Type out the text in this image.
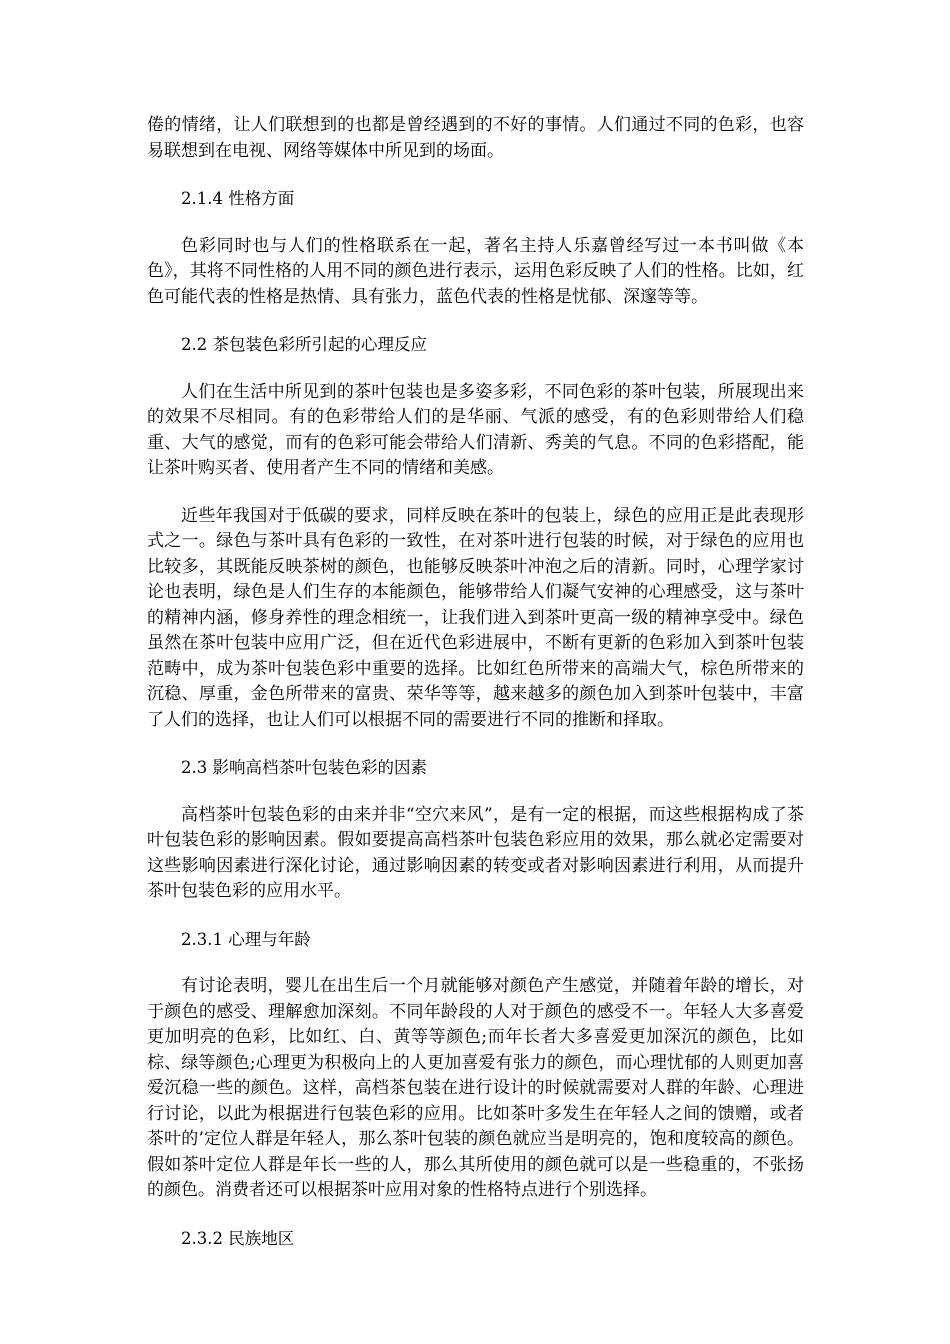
倦的情绪，让人们联想到的也都是曾经遇到的不好的事情。人们通过不同的色彩，也容易联想到在电视、网络等媒体中所见到的场面。

2.1.4 性格方面

色彩同时也与人们的性格联系在一起，著名主持人乐嘉曾经写过一本书叫做《本色》，其将不同性格的人用不同的颜色进行表示，运用色彩反映了人们的性格。比如，红色可能代表的性格是热情、具有张力，蓝色代表的性格是忧郁、深邃等等。

2.2 茶包装色彩所引起的心理反应

人们在生活中所见到的茶叶包装也是多姿多彩，不同色彩的茶叶包装，所展现出来的效果不尽相同。有的色彩带给人们的是华丽、气派的感受，有的色彩则带给人们稳重、大气的感觉，而有的色彩可能会带给人们清新、秀美的气息。不同的色彩搭配，能让茶叶购买者、使用者产生不同的情绪和美感。

近些年我国对于低碳的要求，同样反映在茶叶的包装上，绿色的应用正是此表现形式之一。绿色与茶叶具有色彩的一致性，在对茶叶进行包装的时候，对于绿色的应用也比较多，其既能反映茶树的颜色，也能够反映茶叶冲泡之后的清新。同时，心理学家讨论也表明，绿色是人们生存的本能颜色，能够带给人们凝气安神的心理感受，这与茶叶的精神内涵，修身养性的理念相统一，让我们进入到茶叶更高一级的精神享受中。绿色虽然在茶叶包装中应用广泛，但在近代色彩进展中，不断有更新的色彩加入到茶叶包装范畴中，成为茶叶包装色彩中重要的选择。比如红色所带来的高端大气，棕色所带来的沉稳、厚重，金色所带来的富贵、荣华等等，越来越多的颜色加入到茶叶包装中，丰富了人们的选择，也让人们可以根据不同的需要进行不同的推断和择取。

2.3 影响高档茶叶包装色彩的因素

高档茶叶包装色彩的由来并非“空穴来风”，是有一定的根据，而这些根据构成了茶叶包装色彩的影响因素。假如要提高高档茶叶包装色彩应用的效果，那么就必定需要对这些影响因素进行深化讨论，通过影响因素的转变或者对影响因素进行利用，从而提升茶叶包装色彩的应用水平。

2.3.1 心理与年龄

有讨论表明，婴儿在出生后一个月就能够对颜色产生感觉，并随着年龄的增长，对于颜色的感受、理解愈加深刻。不同年龄段的人对于颜色的感受不一。年轻人大多喜爱更加明亮的色彩，比如红、白、黄等等颜色;而年长者大多喜爱更加深沉的颜色，比如棕、绿等颜色;心理更为积极向上的人更加喜爱有张力的颜色，而心理忧郁的人则更加喜爱沉稳一些的颜色。这样，高档茶包装在进行设计的时候就需要对人群的年龄、心理进行讨论，以此为根据进行包装色彩的应用。比如茶叶多发生在年轻人之间的馈赠，或者茶叶的’定位人群是年轻人，那么茶叶包装的颜色就应当是明亮的，饱和度较高的颜色。假如茶叶定位人群是年长一些的人，那么其所使用的颜色就可以是一些稳重的，不张扬的颜色。消费者还可以根据茶叶应用对象的性格特点进行个别选择。

2.3.2 民族地区
